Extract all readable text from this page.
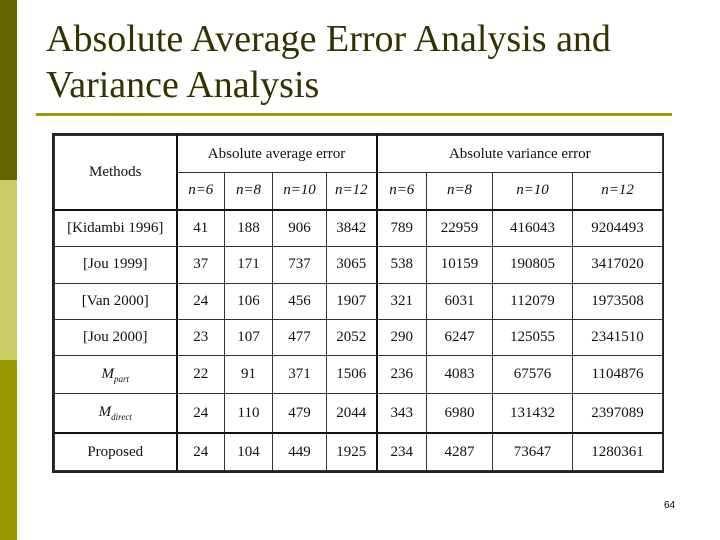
Absolute Average Error Analysis and
Variance Analysis
Methods	Absolute average error				Absolute variance error			
	n=6	n=8	n=10	n=12	n=6	n=8	n=10	n=12
[Kidambi 1996]	41	188	906	3842	789	22959	416043	9204493
[Jou 1999]	37	171	737	3065	538	10159	190805	3417020
[Van 2000]	24	106	456	1907	321	6031	112079	1973508
[Jou 2000]	23	107	477	2052	290	6247	125055	2341510
$M_{part}$	22	91	371	1506	236	4083	67576	1104876
$M_{direct}$	24	110	479	2044	343	6980	131432	2397089
Proposed	24	104	449	1925	234	4287	73647	1280361
64
